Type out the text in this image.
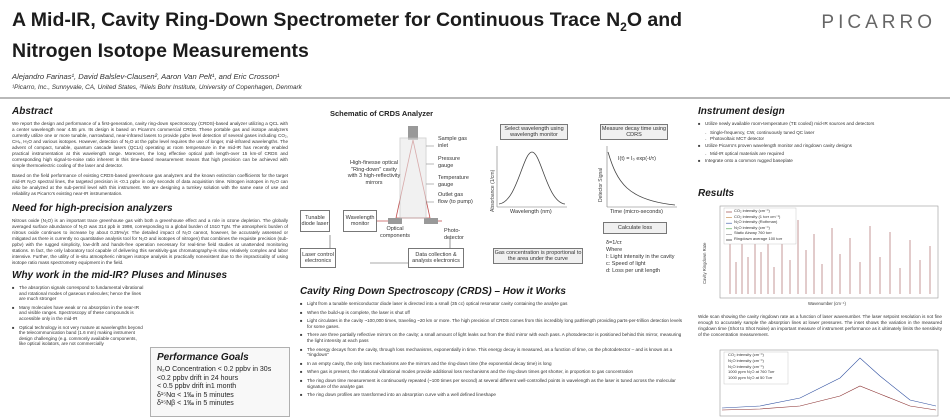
A Mid-IR, Cavity Ring-Down Spectrometer for Continuous Trace $N_2O$ and
Nitrogen Isotope Measurements
PICARRO
Alejandro Farinas¹, David Balslev-Clausen², Aaron Van Pelt¹, and Eric Crosson¹
¹Picarro, Inc., Sunnyvale, CA, United States, ²Niels Bohr Institute, University of Copenhagen, Denmark
Abstract

We report the design and performance of a first-generation, cavity ring-down spectroscopy (CRDS)-based analyzer utilizing a QCL with a center wavelength near 4.55 μm. Its design is based on Picarro's commercial CRDS. These portable gas and isotope analyzers currently utilize one or more tunable, narrowband, near-infrared lasers to provide ppbv level detection of several gases including CO₂, CH₄, H₂O and various isotopes. However, detection of N₂O at the ppbv level requires the use of longer, mid-infrared wavelengths. The advent of compact, tunable, quantum cascade lasers (QCLs) operating at room temperature in the mid-IR has recently enabled practical instrumentation at this wavelength range. Moreover, the long effective optical path length-over 15 km-of CRDS and corresponding high signal-to-noise ratio inherent in this time-based measurement means that high precision can be achieved with simple thermoelectric cooling of the laser and detector.

Based on the field performance of existing CRDS-based greenhouse gas analyzers and the known extinction coefficients for the target mid-IR N₂O spectral lines, the targeted precision is <0.1 ppbv in only seconds of data acquisition time. Nitrogen isotopes in N₂O can also be analyzed at the sub-permil level with this instrument. We are designing a turnkey solution with the same ease of use and reliability as Picarro's existing near-IR instrumentation.

Need for high-precision analyzers

Nitrous oxide (N₂O) is an important trace greenhouse gas with both a greenhouse effect and a role in ozone depletion. The globally averaged surface abundance of N₂O was 314 ppb in 1998, corresponding to a global burden of 1510 TgN. The atmospheric burden of nitrous oxide continues to increase by about 0.25%/yr. The detailed impact of N₂O cannot, however, be accurately assessed or mitigated as there is currently no quantitative analysis tool for N₂O and isotopes of nitrogen) that combines the requisite precision (sub-ppbv) with the rugged simplicity, low-drift and hands-free operation necessary for real-time field studies at unattended monitoring stations. In fact, the only laboratory tool capable of delivering this sensitivity-gas chromatography-is slow, relatively complex and labor intensive. Further, the utility of in-situ atmospheric nitrogen isotope analysis is practically nonexistent due to the impracticality of using isotope ratio mass spectrometry equipment in the field.

Why work in the mid-IR? Pluses and Minuses
■ The absorption signals correspond to fundamental vibrational and rotational modes of gaseous molecules; hence the lines are much stronger
■ Many molecules have weak or no absorption in the near-IR and visible ranges. Spectroscopy of these compounds is accessible only in the mid-IR
■ Optical technology is not very mature at wavelengths beyond the telecommunication band (1.6 mm) making instrument design challenging (e.g. commonly available components, like optical isolators, are not commercially
Performance Goals
N₂O Concentration < 0.2 ppbv in 30s
<0.2 ppbv drift in 24 hours
< 0.5 ppbv drift in1 month
δ¹⁵Nα < 1‰ in 5 minutes
δ¹⁵Nβ < 1‰ in 5 minutes
Schematic of CRDS Analyzer
High-finesse optical "Ring-down" cavity with 3 high-reflectivity mirrors
Sample gas inlet
Pressure gauge
Temperature gauge
Outlet gas flow (to pump)
Tunable diode laser
Wavelength monitor
Optical components
Photo-detector
Laser control electronics
Data collection & analysis electronics
Select wavelength using wavelength monitor
Measure decay time using CDRS
Absorbance (1/cm)	Detector Signal
Wavelength (nm)	Time (micro-seconds)
I(t) = I₀ exp(-t/τ)
Calculate loss
Gas concentration is proportional to the area under the curve
δ=1/cτ
Where
l: Light intensity in the cavity
c: Speed of light
d: Loss per unit length
Cavity Ring Down Spectroscopy (CRDS) – How it Works
■ Light from a tunable semiconductor diode laser is directed into a small (35 cc) optical resonator cavity containing the analyte gas
■ When the build-up is complete, the laser is shut off
■ Light circulates in the cavity ~100,000 times, traveling ~20 km or more. The high precision of CRDS comes from this incredibly long pathlength providing parts-per-trillion detection levels for some gases.
■ There are three partially reflective mirrors on the cavity; a small amount of light leaks out from the third mirror with each pass. A photodetector is positioned behind this mirror, measuring the light intensity at each pass
■ The energy decays from the cavity, through loss mechanisms, exponentially in time. This energy decay is measured, as a function of time, on the photodetector – and is known as a "ringdown"
■ In an empty cavity, the only loss mechanisms are the mirrors and the ring-down time (the exponential decay time) is long
■ When gas is present, the rotational vibrational modes provide additional loss mechanisms and the ring-down times get shorter, in proportion to gas concentration
■ The ring down time measurement is continuously repeated (~100 times per second) at several different well-controlled points in wavelength as the laser is tuned across the molecular signature of the analyte gas
■ The ring down profiles are transformed into an absorption curve with a well defined lineshape
Instrument design
■ Utilize newly available room-temperature (TE cooled) mid-IR sources and detectors
- Single-frequency, CW, continuously tuned QC laser
- Photovoltaic MCT detector
■ Utilize Picarro's proven wavelength monitor and ringdown cavity designs
- Mid-IR optical materials are required
■ Integrate onto a common rugged baseplate
Results
CO₂ intensity (cm⁻¹)
CO₂ intensity (1 torr cm⁻¹)
N₂O intensity (Rothman)
N₂O intensity (cm⁻¹)
Static Airway 760 torr
Ringdown average 100 torr
Cavity Ringdown Rate
Wavenumber (cm⁻¹)

Wide scan showing the cavity ringdown rate as a function of laser wavenumber. The laser setpoint resolution is not fine enough to accurately sample the absorption lines at lower pressures. The inset shows the variation in the measured ringdown time (Shot to Shot Noise) an important measure of instrument performance as it ultimately limits the sensitivity of the concentration measurement.

CO₂ intensity (cm⁻¹)
N₂O intensity (cm⁻¹)
N₂O intensity (cm⁻¹)
1000 ppm N₂O at 760 Torr
1000 ppm N₂O at 50 Torr
